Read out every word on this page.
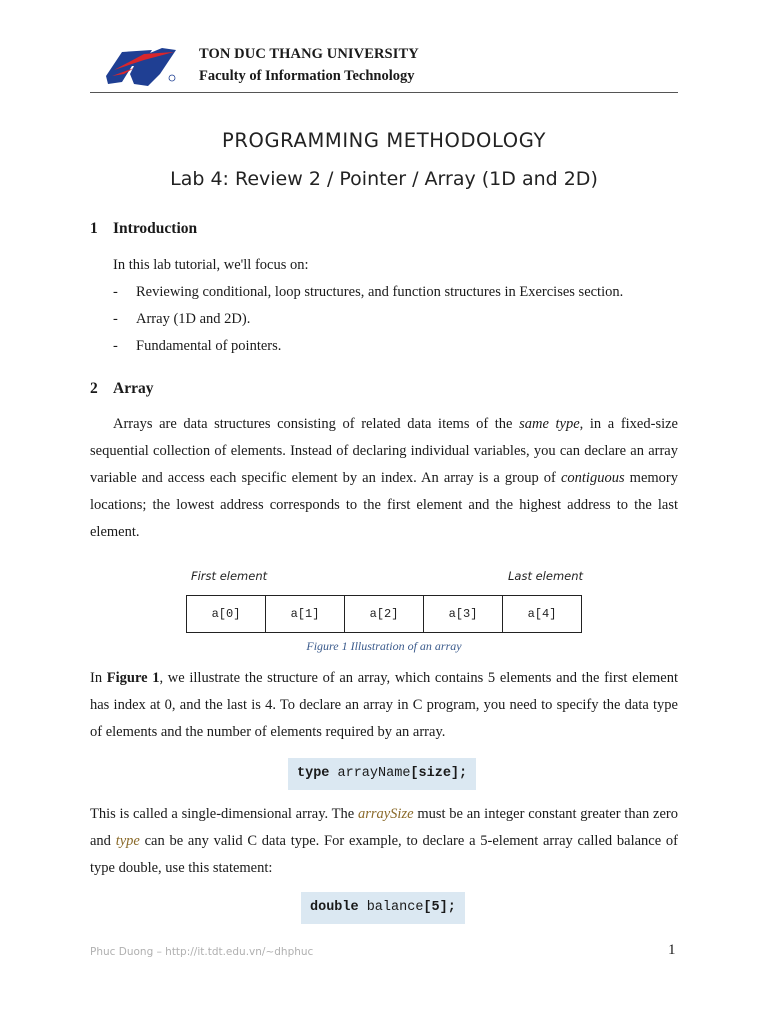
TON DUC THANG UNIVERSITY
Faculty of Information Technology
PROGRAMMING METHODOLOGY
Lab 4: Review 2 / Pointer / Array (1D and 2D)
1 Introduction
In this lab tutorial, we'll focus on:
- Reviewing conditional, loop structures, and function structures in Exercises section.
- Array (1D and 2D).
- Fundamental of pointers.
2 Array
Arrays are data structures consisting of related data items of the same type, in a fixed-size sequential collection of elements. Instead of declaring individual variables, you can declare an array variable and access each specific element by an index. An array is a group of contiguous memory locations; the lowest address corresponds to the first element and the highest address to the last element.
First element	Last element
a[0]	a[1]	a[2]	a[3]	a[4]
Figure 1 Illustration of an array
In Figure 1, we illustrate the structure of an array, which contains 5 elements and the first element has index at 0, and the last is 4. To declare an array in C program, you need to specify the data type of elements and the number of elements required by an array.
type arrayName[size];
This is called a single-dimensional array. The arraySize must be an integer constant greater than zero and type can be any valid C data type. For example, to declare a 5-element array called balance of type double, use this statement:
double balance[5];
Phuc Duong – http://it.tdt.edu.vn/~dhphuc	1
